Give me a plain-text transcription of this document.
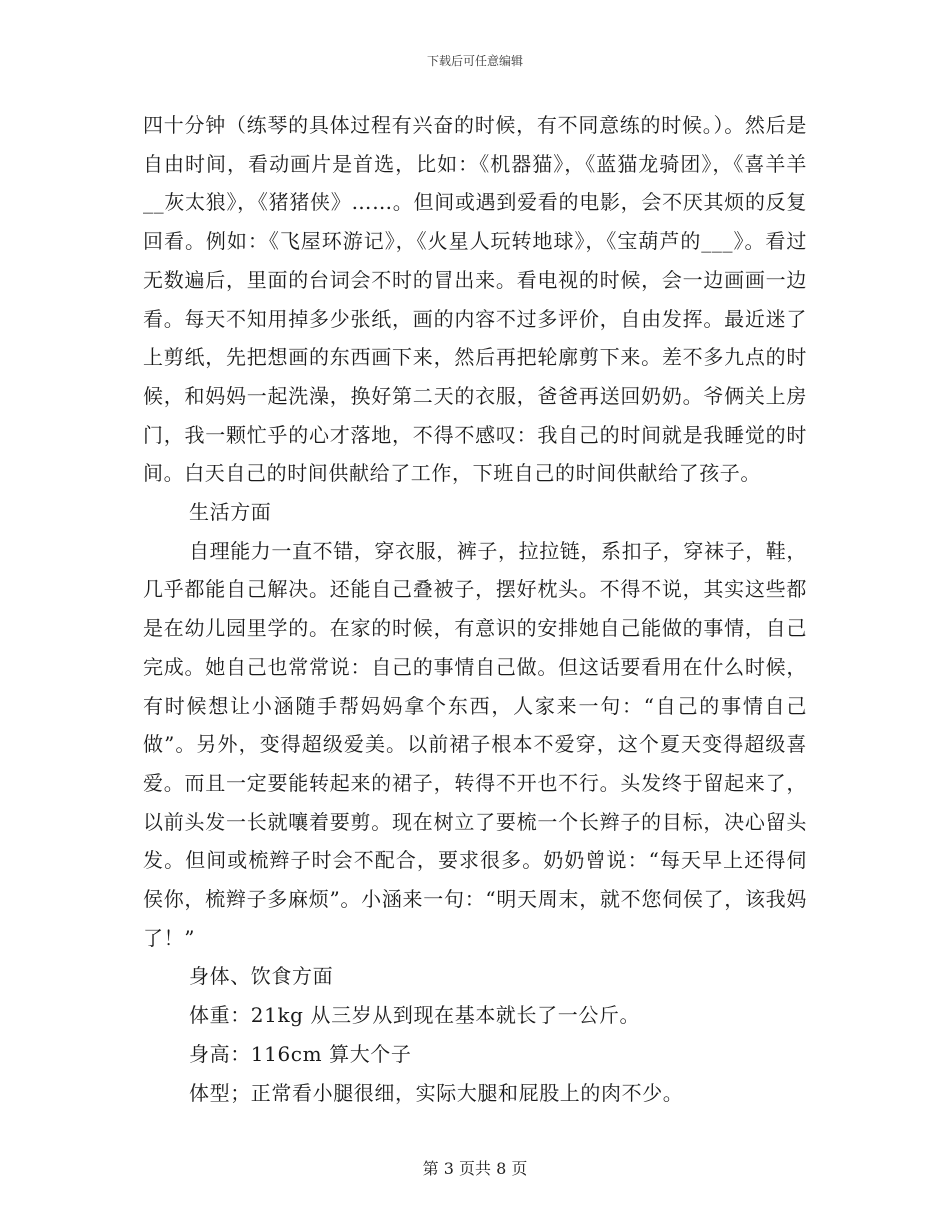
下载后可任意编辑

四十分钟（练琴的具体过程有兴奋的时候，有不同意练的时候。）。然后是自由时间，看动画片是首选，比如：《机器猫》，《蓝猫龙骑团》，《喜羊羊__灰太狼》，《猪猪侠》……。但间或遇到爱看的电影，会不厌其烦的反复回看。例如：《飞屋环游记》，《火星人玩转地球》，《宝葫芦的___》。看过无数遍后，里面的台词会不时的冒出来。看电视的时候，会一边画画一边看。每天不知用掉多少张纸，画的内容不过多评价，自由发挥。最近迷了上剪纸，先把想画的东西画下来，然后再把轮廓剪下来。差不多九点的时候，和妈妈一起洗澡，换好第二天的衣服，爸爸再送回奶奶。爷俩关上房门，我一颗忙乎的心才落地，不得不感叹：我自己的时间就是我睡觉的时间。白天自己的时间供献给了工作，下班自己的时间供献给了孩子。

生活方面

自理能力一直不错，穿衣服，裤子，拉拉链，系扣子，穿袜子，鞋，几乎都能自己解决。还能自己叠被子，摆好枕头。不得不说，其实这些都是在幼儿园里学的。在家的时候，有意识的安排她自己能做的事情，自己完成。她自己也常常说：自己的事情自己做。但这话要看用在什么时候，有时候想让小涵随手帮妈妈拿个东西，人家来一句：“自己的事情自己做”。另外，变得超级爱美。以前裙子根本不爱穿，这个夏天变得超级喜爱。而且一定要能转起来的裙子，转得不开也不行。头发终于留起来了，以前头发一长就嚷着要剪。现在树立了要梳一个长辫子的目标，决心留头发。但间或梳辫子时会不配合，要求很多。奶奶曾说：“每天早上还得伺侯你，梳辫子多麻烦”。小涵来一句：“明天周末，就不您伺侯了，该我妈了！”

身体、饮食方面

体重：21kg 从三岁从到现在基本就长了一公斤。

身高：116cm 算大个子

体型；正常看小腿很细，实际大腿和屁股上的肉不少。

第 3 页共 8 页
